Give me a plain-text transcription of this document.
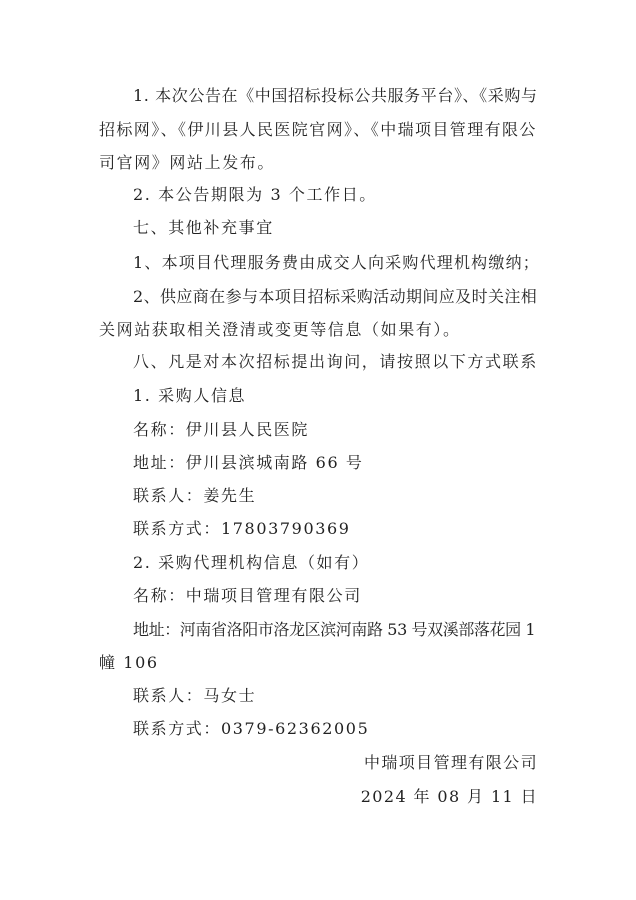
1. 本次公告在《中国招标投标公共服务平台》、《采购与
招标网》、《伊川县人民医院官网》、《中瑞项目管理有限公
司官网》网站上发布。
2. 本公告期限为 3 个工作日。
七、其他补充事宜
1、本项目代理服务费由成交人向采购代理机构缴纳；
2、供应商在参与本项目招标采购活动期间应及时关注相
关网站获取相关澄清或变更等信息（如果有）。
八、凡是对本次招标提出询问，请按照以下方式联系
1. 采购人信息
名称：伊川县人民医院
地址：伊川县滨城南路 66 号
联系人：姜先生
联系方式：17803790369
2. 采购代理机构信息（如有）
名称：中瑞项目管理有限公司
地址：河南省洛阳市洛龙区滨河南路 53 号双溪部落花园 1
幢 106
联系人：马女士
联系方式：0379-62362005
中瑞项目管理有限公司
2024 年 08 月 11 日
